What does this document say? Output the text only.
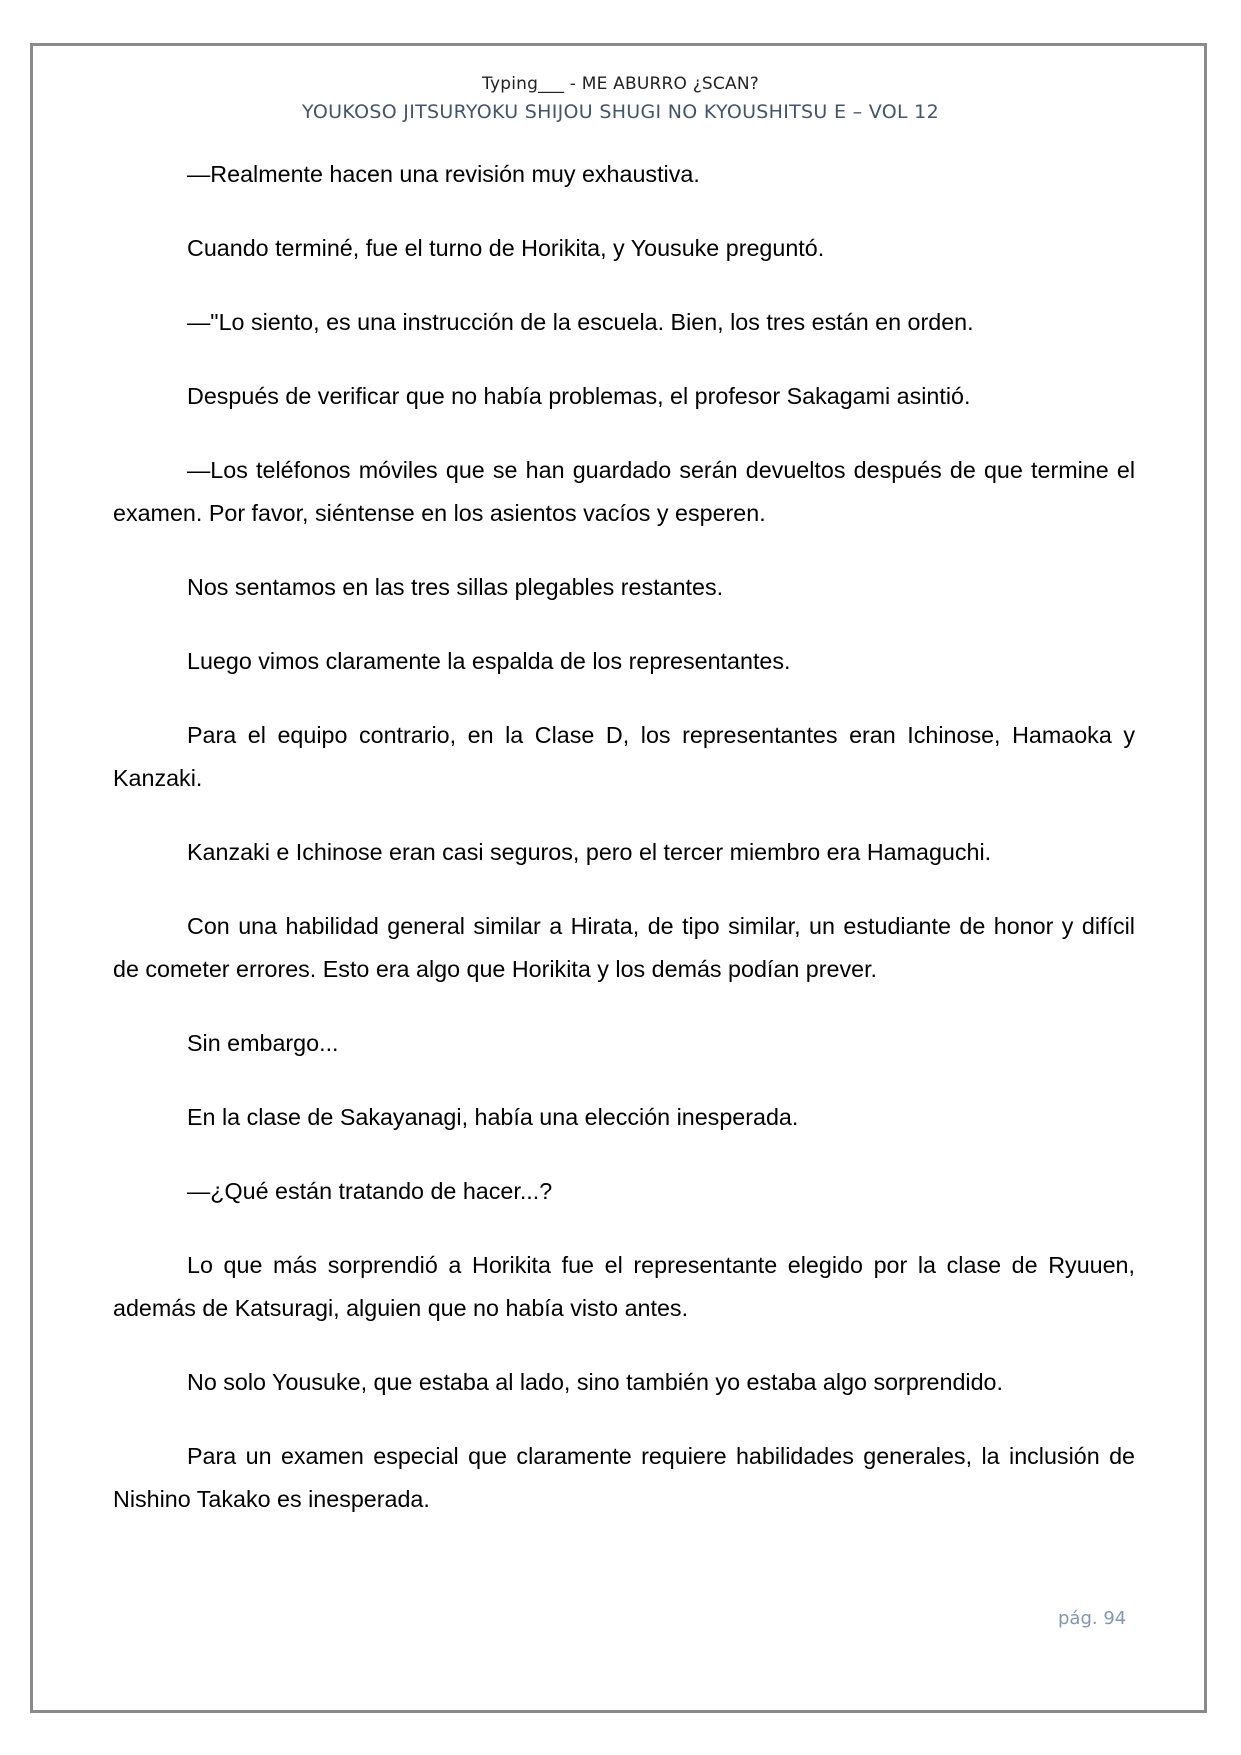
Typing___ - ME ABURRO ¿SCAN?
YOUKOSO JITSURYOKU SHIJOU SHUGI NO KYOUSHITSU E – VOL 12

—Realmente hacen una revisión muy exhaustiva.

Cuando terminé, fue el turno de Horikita, y Yousuke preguntó.

—"Lo siento, es una instrucción de la escuela. Bien, los tres están en orden.

Después de verificar que no había problemas, el profesor Sakagami asintió.

—Los teléfonos móviles que se han guardado serán devueltos después de que termine el examen. Por favor, siéntense en los asientos vacíos y esperen.

Nos sentamos en las tres sillas plegables restantes.

Luego vimos claramente la espalda de los representantes.

Para el equipo contrario, en la Clase D, los representantes eran Ichinose, Hamaoka y Kanzaki.

Kanzaki e Ichinose eran casi seguros, pero el tercer miembro era Hamaguchi.

Con una habilidad general similar a Hirata, de tipo similar, un estudiante de honor y difícil de cometer errores. Esto era algo que Horikita y los demás podían prever.

Sin embargo...

En la clase de Sakayanagi, había una elección inesperada.

—¿Qué están tratando de hacer...?

Lo que más sorprendió a Horikita fue el representante elegido por la clase de Ryuuen, además de Katsuragi, alguien que no había visto antes.

No solo Yousuke, que estaba al lado, sino también yo estaba algo sorprendido.

Para un examen especial que claramente requiere habilidades generales, la inclusión de Nishino Takako es inesperada.

pág. 94
